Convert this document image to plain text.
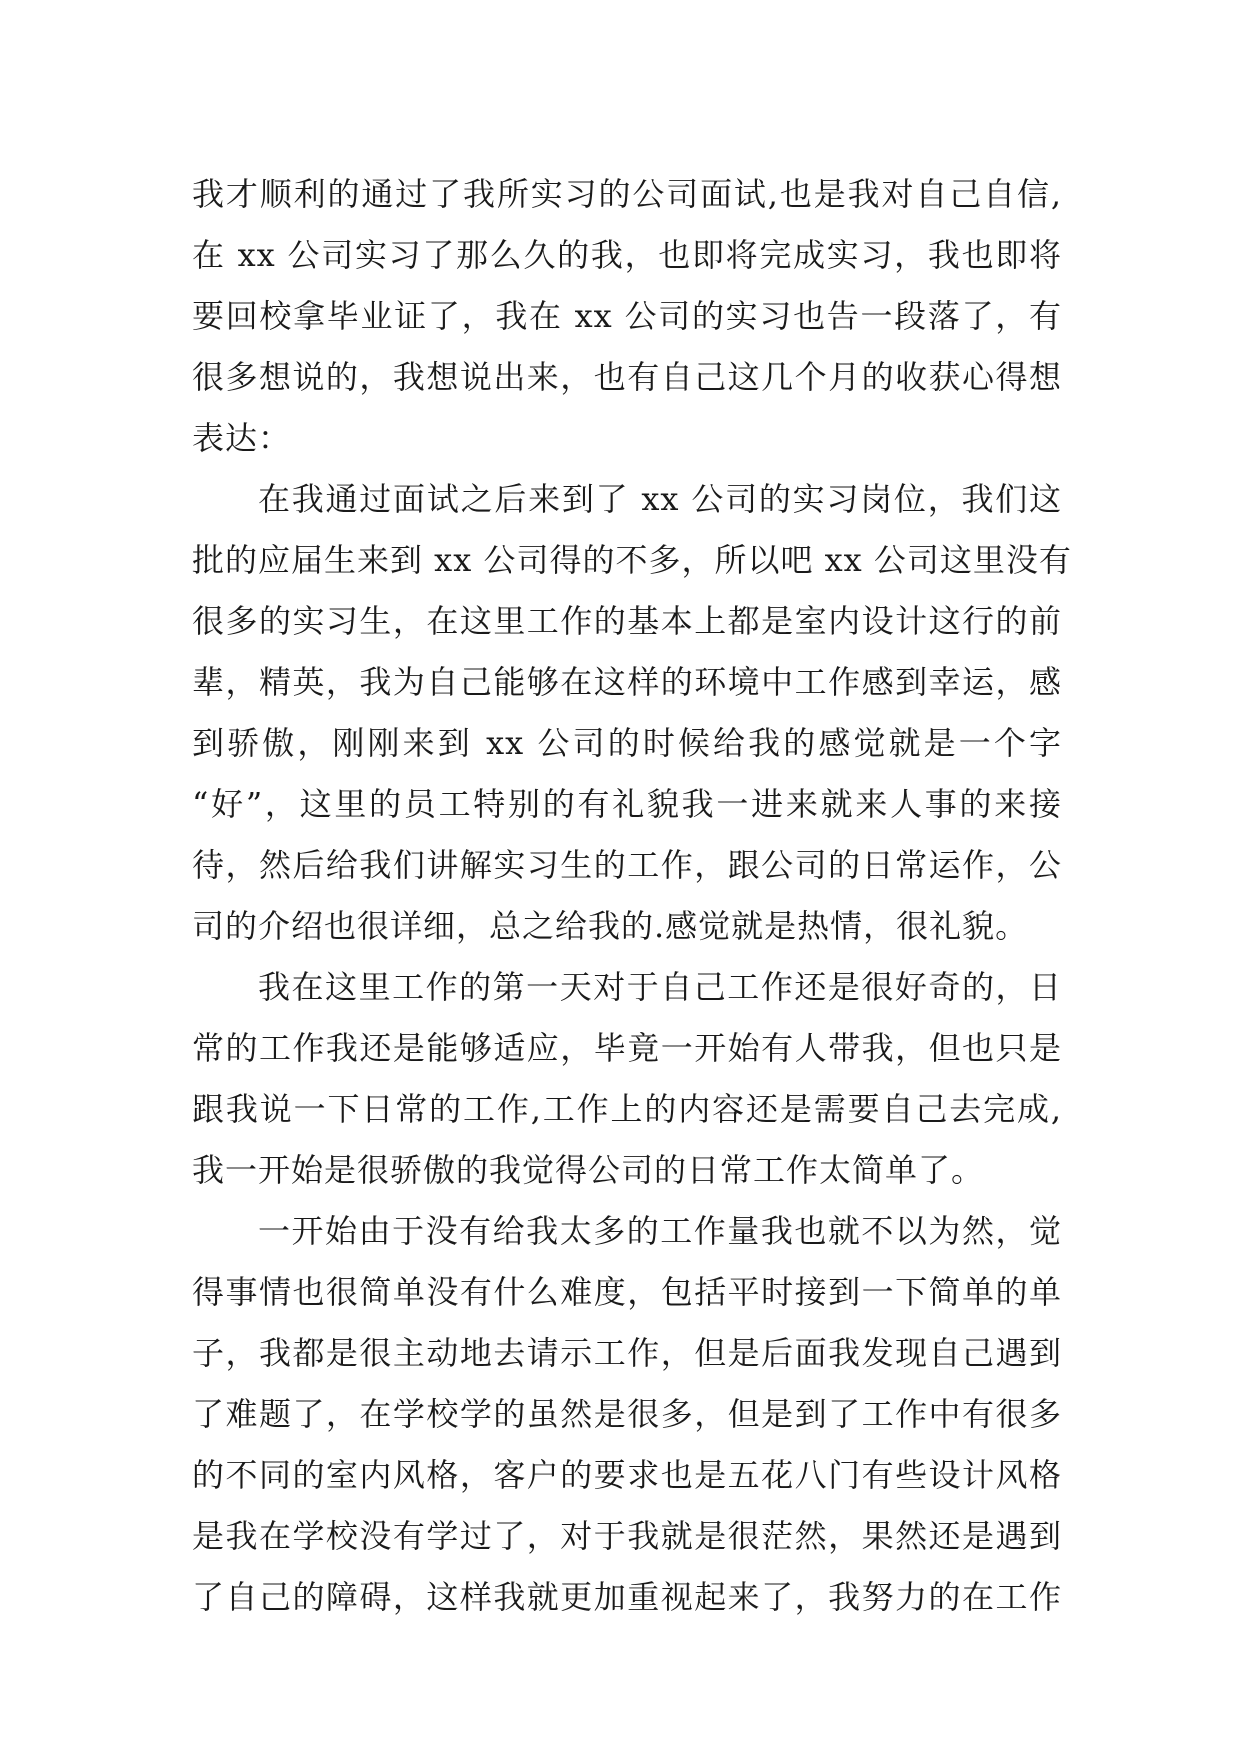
我才顺利的通过了我所实习的公司面试,也是我对自己自信,
在 xx 公司实习了那么久的我，也即将完成实习，我也即将
要回校拿毕业证了，我在 xx 公司的实习也告一段落了，有
很多想说的，我想说出来，也有自己这几个月的收获心得想
表达：
在我通过面试之后来到了 xx 公司的实习岗位，我们这
批的应届生来到 xx 公司得的不多，所以吧 xx 公司这里没有
很多的实习生，在这里工作的基本上都是室内设计这行的前
辈，精英，我为自己能够在这样的环境中工作感到幸运，感
到骄傲，刚刚来到 xx 公司的时候给我的感觉就是一个字
“好”，这里的员工特别的有礼貌我一进来就来人事的来接
待，然后给我们讲解实习生的工作，跟公司的日常运作，公
司的介绍也很详细，总之给我的.感觉就是热情，很礼貌。
我在这里工作的第一天对于自己工作还是很好奇的，日
常的工作我还是能够适应，毕竟一开始有人带我，但也只是
跟我说一下日常的工作,工作上的内容还是需要自己去完成,
我一开始是很骄傲的我觉得公司的日常工作太简单了。
一开始由于没有给我太多的工作量我也就不以为然，觉
得事情也很简单没有什么难度，包括平时接到一下简单的单
子，我都是很主动地去请示工作，但是后面我发现自己遇到
了难题了，在学校学的虽然是很多，但是到了工作中有很多
的不同的室内风格，客户的要求也是五花八门有些设计风格
是我在学校没有学过了，对于我就是很茫然，果然还是遇到
了自己的障碍，这样我就更加重视起来了，我努力的在工作
